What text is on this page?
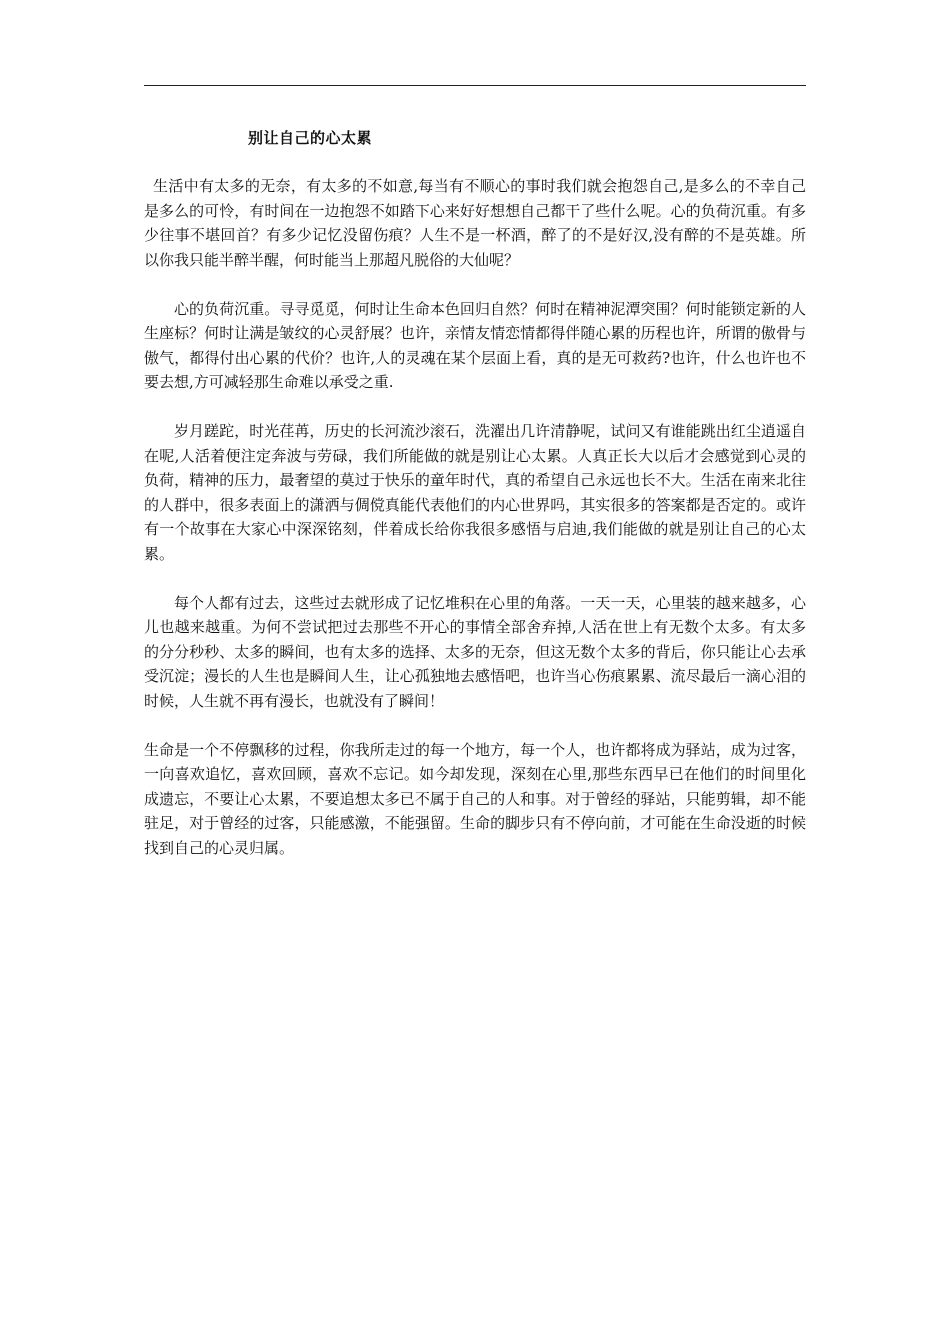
别让自己的心太累

生活中有太多的无奈，有太多的不如意,每当有不顺心的事时我们就会抱怨自己,是多么的不幸自己是多么的可怜，有时间在一边抱怨不如踏下心来好好想想自己都干了些什么呢。心的负荷沉重。有多少往事不堪回首？有多少记忆没留伤痕？人生不是一杯酒，醉了的不是好汉,没有醉的不是英雄。所以你我只能半醉半醒，何时能当上那超凡脱俗的大仙呢？

心的负荷沉重。寻寻觅觅，何时让生命本色回归自然？何时在精神泥潭突围？何时能锁定新的人生座标？何时让满是皱纹的心灵舒展？也许，亲情友情恋情都得伴随心累的历程也许，所谓的傲骨与傲气，都得付出心累的代价？也许,人的灵魂在某个层面上看，真的是无可救药?也许，什么也许也不要去想,方可减轻那生命难以承受之重.

岁月蹉跎，时光荏苒，历史的长河流沙滚石，洗濯出几许清静呢，试问又有谁能跳出红尘逍遥自在呢,人活着便注定奔波与劳碌，我们所能做的就是别让心太累。人真正长大以后才会感觉到心灵的负荷，精神的压力，最奢望的莫过于快乐的童年时代，真的希望自己永远也长不大。生活在南来北往的人群中，很多表面上的潇洒与倜傥真能代表他们的内心世界吗，其实很多的答案都是否定的。或许有一个故事在大家心中深深铭刻，伴着成长给你我很多感悟与启迪,我们能做的就是别让自己的心太累。

每个人都有过去，这些过去就形成了记忆堆积在心里的角落。一天一天，心里装的越来越多，心儿也越来越重。为何不尝试把过去那些不开心的事情全部舍弃掉,人活在世上有无数个太多。有太多的分分秒秒、太多的瞬间，也有太多的选择、太多的无奈，但这无数个太多的背后，你只能让心去承受沉淀；漫长的人生也是瞬间人生，让心孤独地去感悟吧，也许当心伤痕累累、流尽最后一滴心泪的时候，人生就不再有漫长，也就没有了瞬间！

生命是一个不停飘移的过程，你我所走过的每一个地方，每一个人，也许都将成为驿站，成为过客，一向喜欢追忆，喜欢回顾，喜欢不忘记。如今却发现，深刻在心里,那些东西早已在他们的时间里化成遗忘，不要让心太累，不要追想太多已不属于自己的人和事。对于曾经的驿站，只能剪辑，却不能驻足，对于曾经的过客，只能感激，不能强留。生命的脚步只有不停向前，才可能在生命没逝的时候找到自己的心灵归属。
